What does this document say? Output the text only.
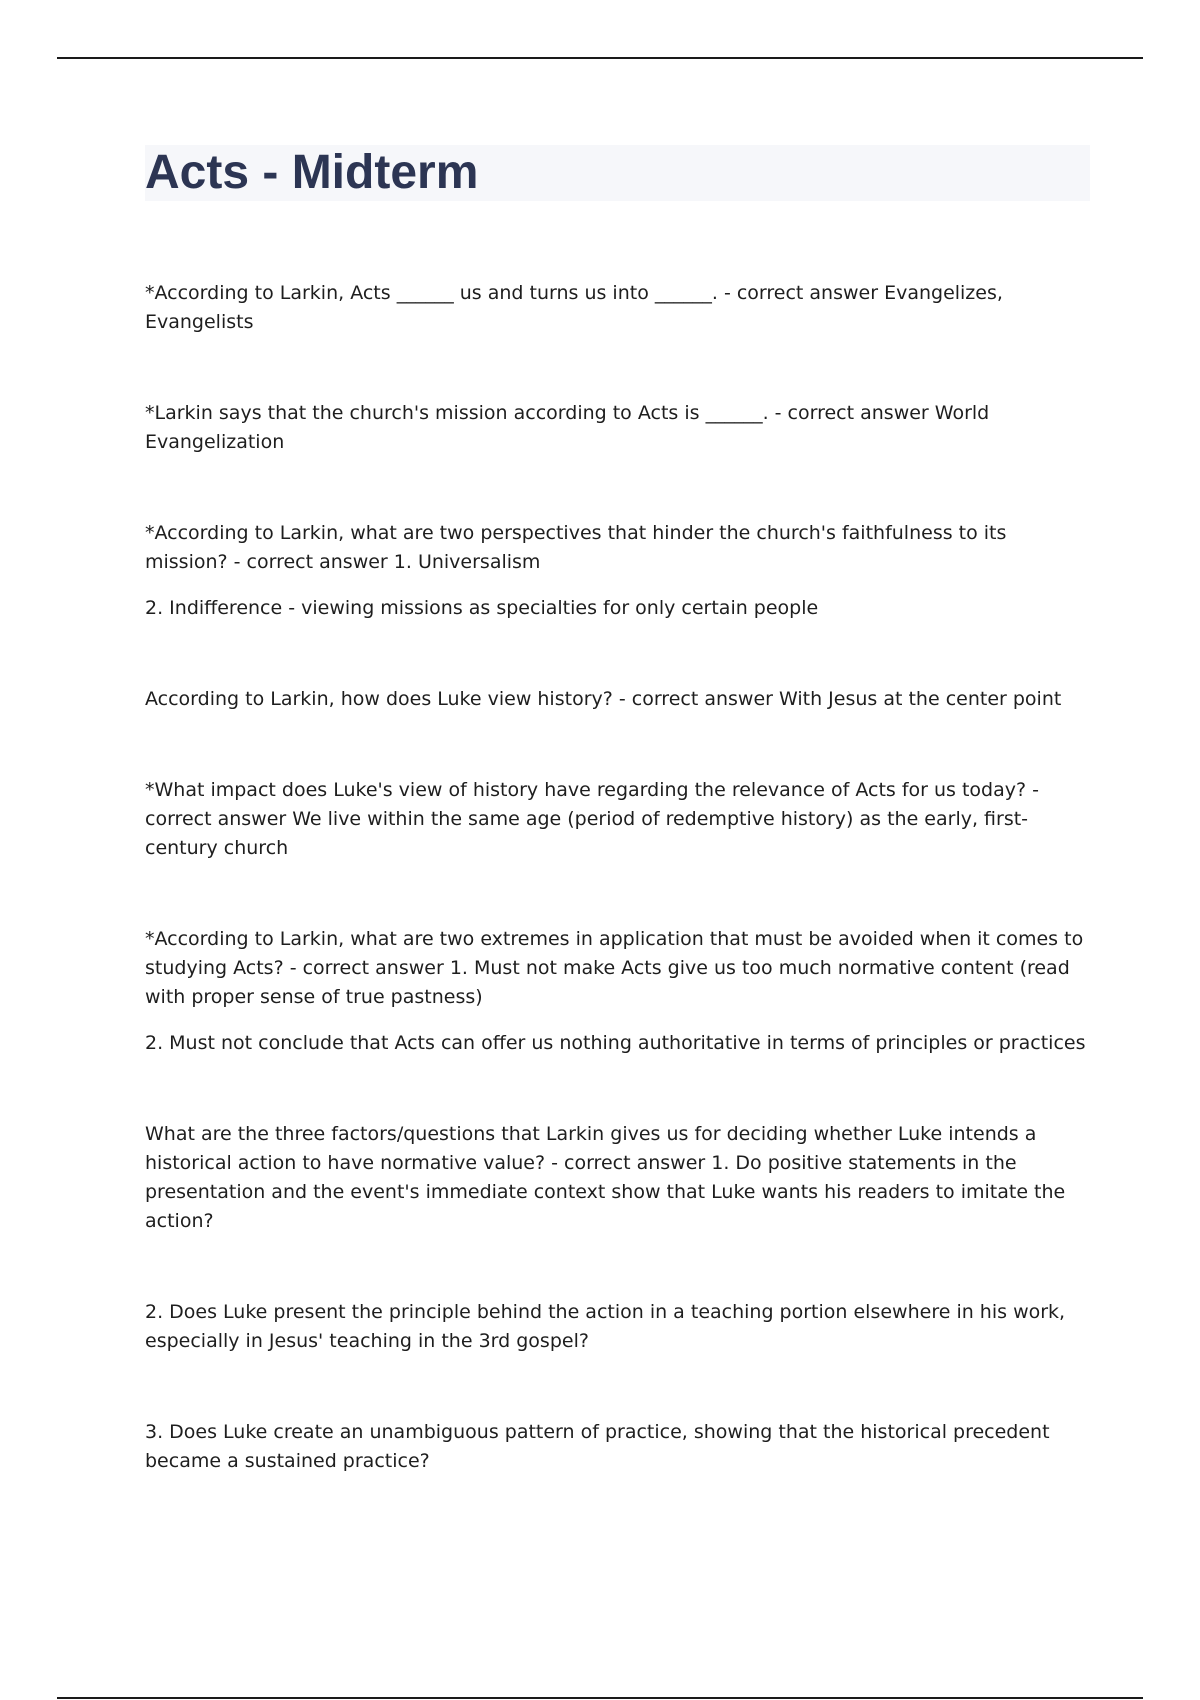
Acts - Midterm

*According to Larkin, Acts ______ us and turns us into ______. - correct answer Evangelizes, Evangelists

*Larkin says that the church's mission according to Acts is ______. - correct answer World Evangelization

*According to Larkin, what are two perspectives that hinder the church's faithfulness to its mission? - correct answer 1. Universalism

2. Indifference - viewing missions as specialties for only certain people

According to Larkin, how does Luke view history? - correct answer With Jesus at the center point

*What impact does Luke's view of history have regarding the relevance of Acts for us today? - correct answer We live within the same age (period of redemptive history) as the early, first-century church

*According to Larkin, what are two extremes in application that must be avoided when it comes to studying Acts? - correct answer 1. Must not make Acts give us too much normative content (read with proper sense of true pastness)

2. Must not conclude that Acts can offer us nothing authoritative in terms of principles or practices

What are the three factors/questions that Larkin gives us for deciding whether Luke intends a historical action to have normative value? - correct answer 1. Do positive statements in the presentation and the event's immediate context show that Luke wants his readers to imitate the action?

2. Does Luke present the principle behind the action in a teaching portion elsewhere in his work, especially in Jesus' teaching in the 3rd gospel?

3. Does Luke create an unambiguous pattern of practice, showing that the historical precedent became a sustained practice?
